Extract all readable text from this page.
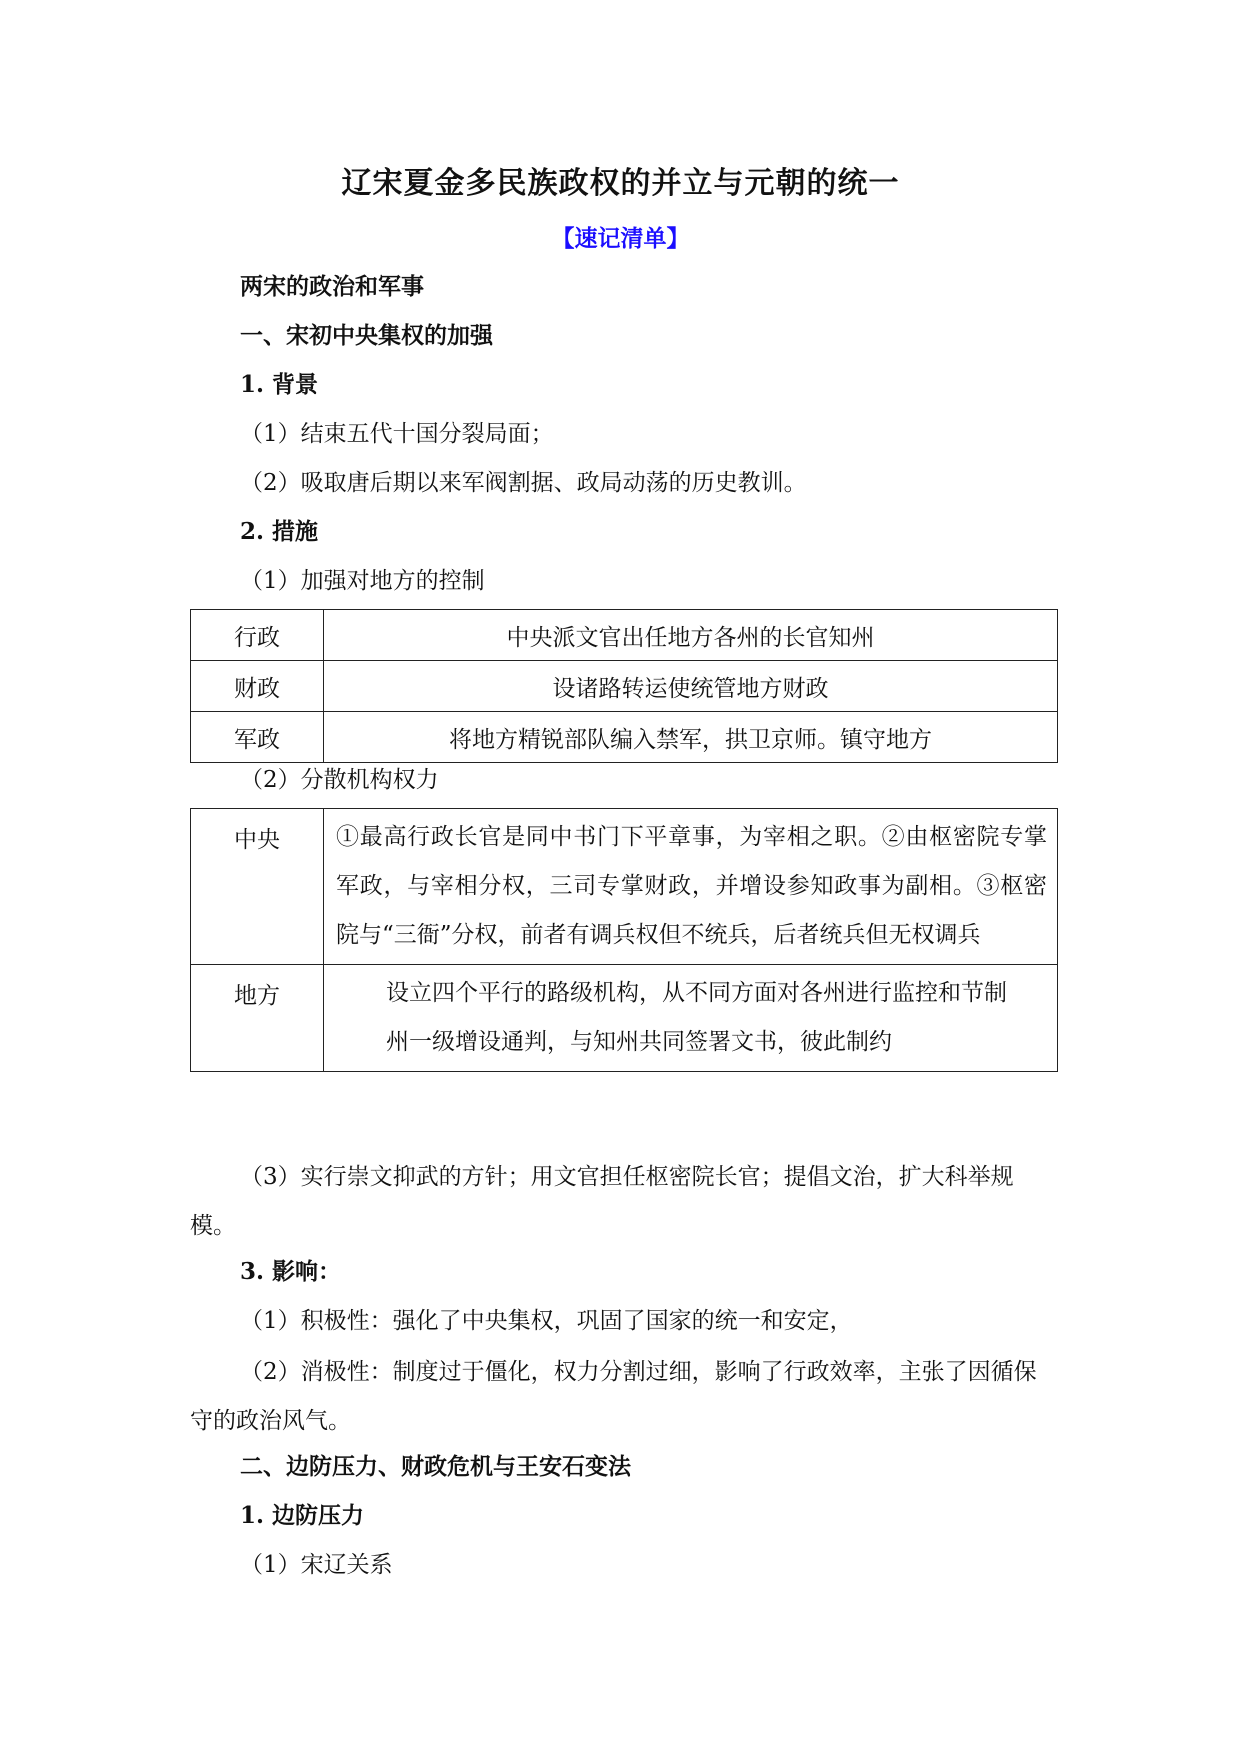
辽宋夏金多民族政权的并立与元朝的统一
【速记清单】
两宋的政治和军事
一、宋初中央集权的加强
1. 背景
（1）结束五代十国分裂局面；
（2）吸取唐后期以来军阀割据、政局动荡的历史教训。
2. 措施
（1）加强对地方的控制
行政	中央派文官出任地方各州的长官知州
财政	设诸路转运使统管地方财政
军政	将地方精锐部队编入禁军，拱卫京师。镇守地方
（2）分散机构权力
中央	①最高行政长官是同中书门下平章事，为宰相之职。②由枢密院专掌军政，与宰相分权，三司专掌财政，并增设参知政事为副相。③枢密院与“三衙”分权，前者有调兵权但不统兵，后者统兵但无权调兵
地方	设立四个平行的路级机构，从不同方面对各州进行监控和节制
州一级增设通判，与知州共同签署文书，彼此制约
（3）实行崇文抑武的方针；用文官担任枢密院长官；提倡文治，扩大科举规模。
3. 影响：
（1）积极性：强化了中央集权，巩固了国家的统一和安定，
（2）消极性：制度过于僵化，权力分割过细，影响了行政效率，主张了因循保守的政治风气。
二、边防压力、财政危机与王安石变法
1. 边防压力
（1）宋辽关系
